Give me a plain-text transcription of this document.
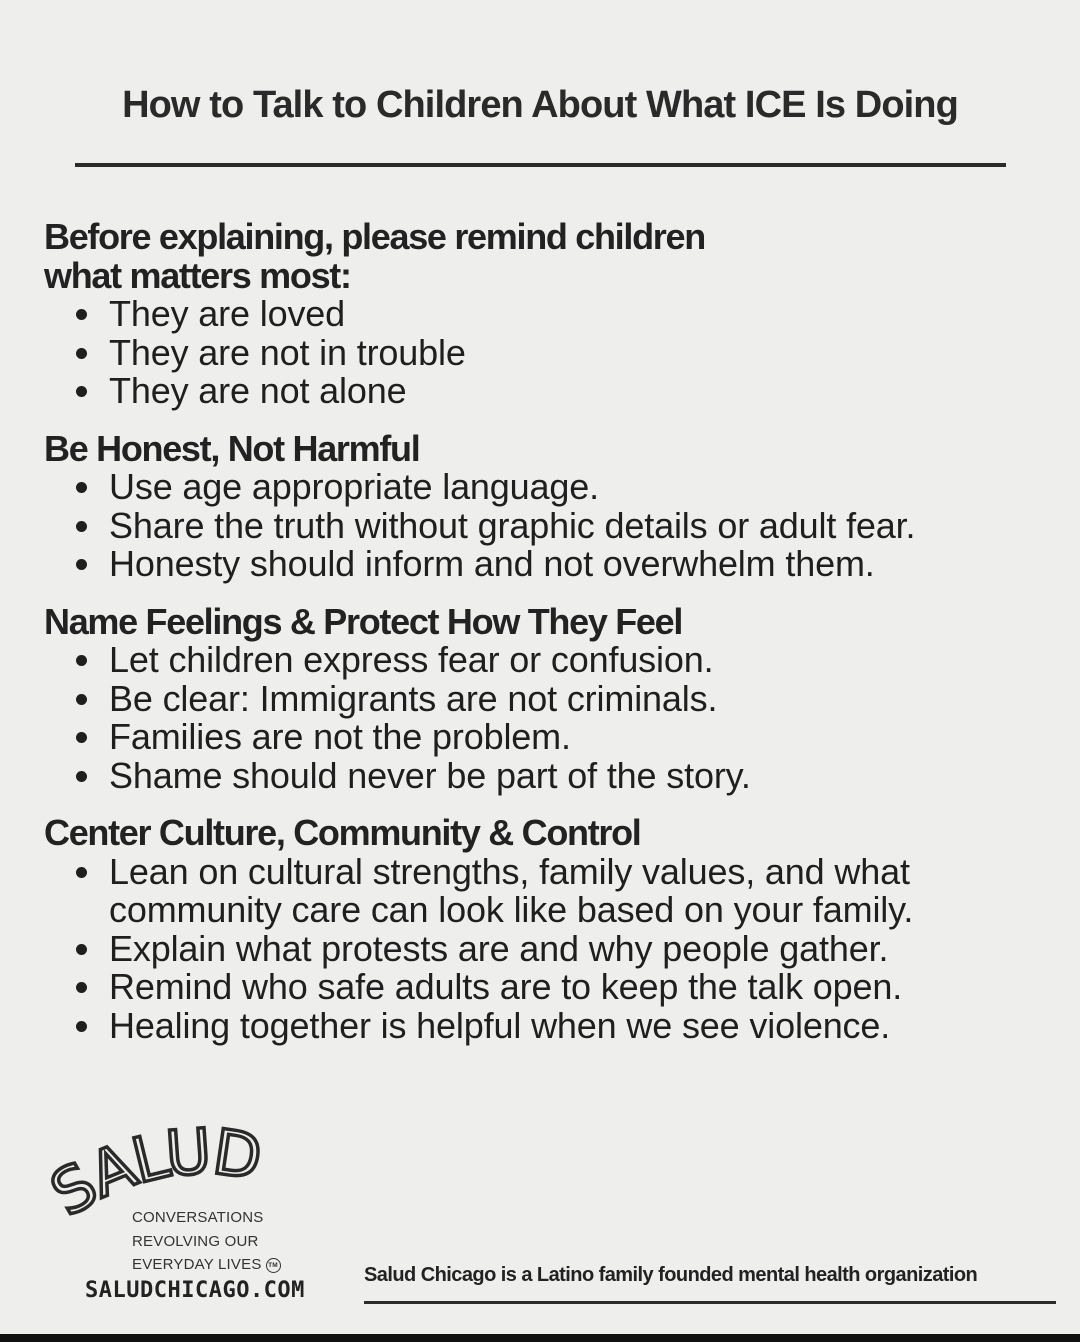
How to Talk to Children About What ICE Is Doing
Before explaining, please remind children
what matters most:
They are loved
They are not in trouble
They are not alone
Be Honest, Not Harmful
Use age appropriate language.
Share the truth without graphic details or adult fear.
Honesty should inform and not overwhelm them.
Name Feelings & Protect How They Feel
Let children express fear or confusion.
Be clear: Immigrants are not criminals.
Families are not the problem.
Shame should never be part of the story.
Center Culture, Community & Control
Lean on cultural strengths, family values, and what community care can look like based on your family.
Explain what protests are and why people gather.
Remind who safe adults are to keep the talk open.
Healing together is helpful when we see violence.
SALUD
CONVERSATIONS
REVOLVING OUR
EVERYDAY LIVES TM
SALUDCHICAGO.COM
Salud Chicago is a Latino family founded mental health organization
